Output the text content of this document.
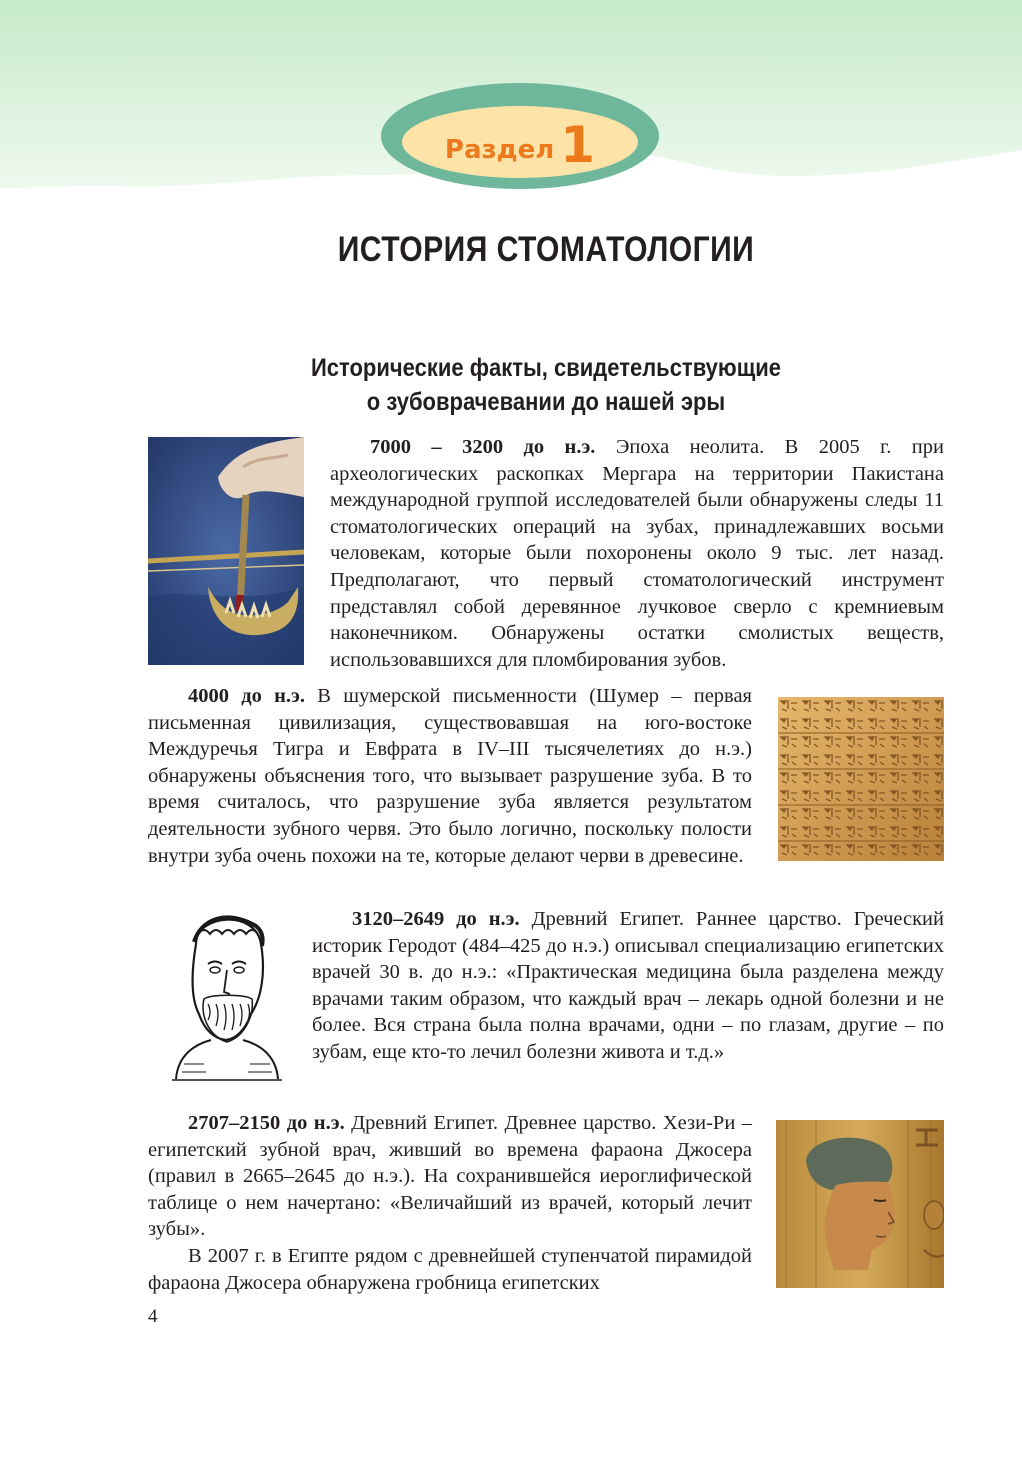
Раздел 1
ИСТОРИЯ СТОМАТОЛОГИИ
Исторические факты, свидетельствующие
о зубоврачевании до нашей эры

7000 – 3200 до н.э. Эпоха неолита. В 2005 г. при археологических раскопках Мергара на территории Пакистана международной группой исследователей были обнаружены следы 11 стоматологических операций на зубах, принадлежавших восьми человекам, которые были похоронены около 9 тыс. лет назад. Предполагают, что первый стоматологический инструмент представлял собой деревянное лучковое сверло с кремниевым наконечником. Обнаружены остатки смолистых веществ, использовавшихся для пломбирования зубов.

4000 до н.э. В шумерской письменности (Шумер – первая письменная цивилизация, существовавшая на юго-востоке Междуречья Тигра и Евфрата в IV–III тысячелетиях до н.э.) обнаружены объяснения того, что вызывает разрушение зуба. В то время считалось, что разрушение зуба является результатом деятельности зубного червя. Это было логично, поскольку полости внутри зуба очень похожи на те, которые делают черви в древесине.

3120–2649 до н.э. Древний Египет. Раннее царство. Греческий историк Геродот (484–425 до н.э.) описывал специализацию египетских врачей 30 в. до н.э.: «Практическая медицина была разделена между врачами таким образом, что каждый врач – лекарь одной болезни и не более. Вся страна была полна врачами, одни – по глазам, другие – по зубам, еще кто-то лечил болезни живота и т.д.»

2707–2150 до н.э. Древний Египет. Древнее царство. Хези-Ри – египетский зубной врач, живший во времена фараона Джосера (правил в 2665–2645 до н.э.). На сохранившейся иероглифической таблице о нем начертано: «Величайший из врачей, который лечит зубы».

В 2007 г. в Египте рядом с древнейшей ступенчатой пирамидой фараона Джосера обнаружена гробница египетских

4
